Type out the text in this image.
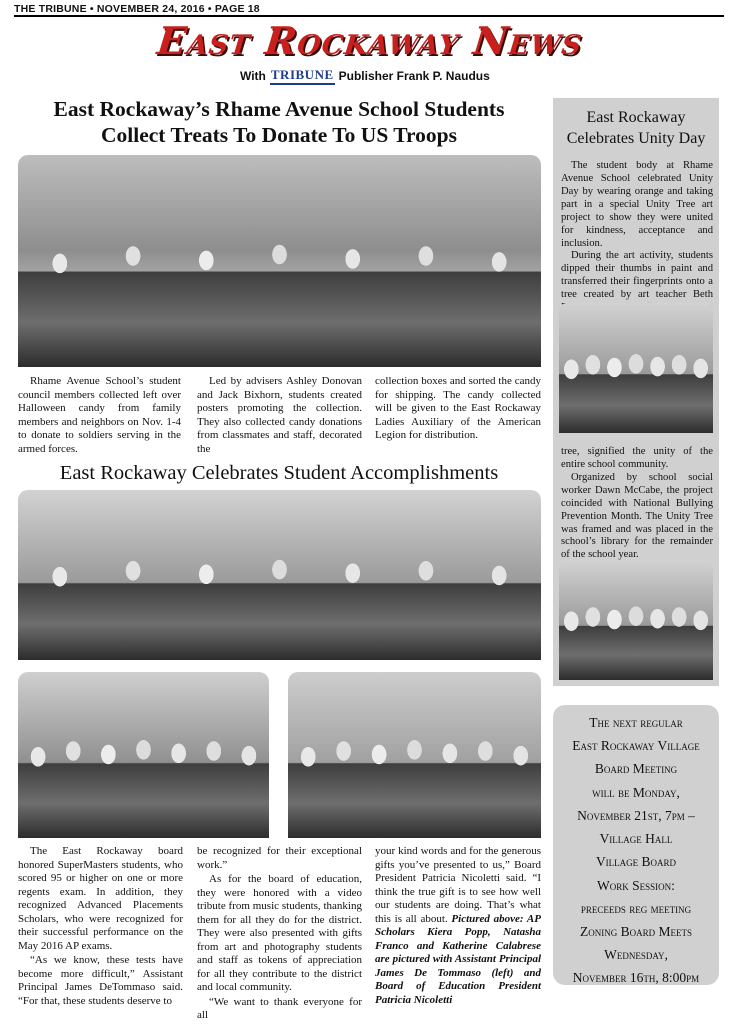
THE TRIBUNE • NOVEMBER 24, 2016 • PAGE 18
East Rockaway News
With TRIBUNE Publisher Frank P. Naudus
East Rockaway’s Rhame Avenue School Students
Collect Treats To Donate To US Troops

Rhame Avenue School’s student council members collected left over Halloween candy from family members and neighbors on Nov. 1-4 to donate to soldiers serving in the armed forces.

Led by advisers Ashley Donovan and Jack Bixhorn, students created posters promoting the collection. They also collected candy donations from classmates and staff, decorated the

collection boxes and sorted the candy for shipping. The candy collected will be given to the East Rockaway Ladies Auxiliary of the American Legion for distribution.

East Rockaway Celebrates Student Accomplishments

The East Rockaway board honored SuperMasters students, who scored 95 or higher on one or more regents exam. In addition, they recognized Advanced Placements Scholars, who were recognized for their successful performance on the May 2016 AP exams.

“As we know, these tests have become more difficult,” Assistant Principal James DeTommaso said. “For that, these students deserve to

be recognized for their exceptional work.”

As for the board of education, they were honored with a video tribute from music students, thanking them for all they do for the district. They were also presented with gifts from art and photography students and staff as tokens of appreciation for all they contribute to the district and local community.

“We want to thank everyone for all

your kind words and for the generous gifts you’ve presented to us,” Board President Patricia Nicoletti said. “I think the true gift is to see how well our students are doing. That’s what this is all about. Pictured above: AP Scholars Kiera Popp, Natasha Franco and Katherine Calabrese are pictured with Assistant Principal James De Tommaso (left) and Board of Education President Patricia Nicoletti

East Rockaway
Celebrates Unity Day

The student body at Rhame Avenue School celebrated Unity Day by wearing orange and taking part in a special Unity Tree art project to show they were united for kindness, acceptance and inclusion.

During the art activity, students dipped their thumbs in paint and transferred their fingerprints onto a tree created by art teacher Beth

tree, signified the unity of the entire school community.

Organized by school social worker Dawn McCabe, the project coincided with National Bullying Prevention Month. The Unity Tree was framed and was placed in the school’s library for the remainder of the school year.

The next regular
East Rockaway Village
Board Meeting
will be Monday,
November 21st, 7pm –
Village Hall
Village Board
Work Session:
preceeds reg meeting
Zoning Board Meets
Wednesday,
November 16th, 8:00pm
